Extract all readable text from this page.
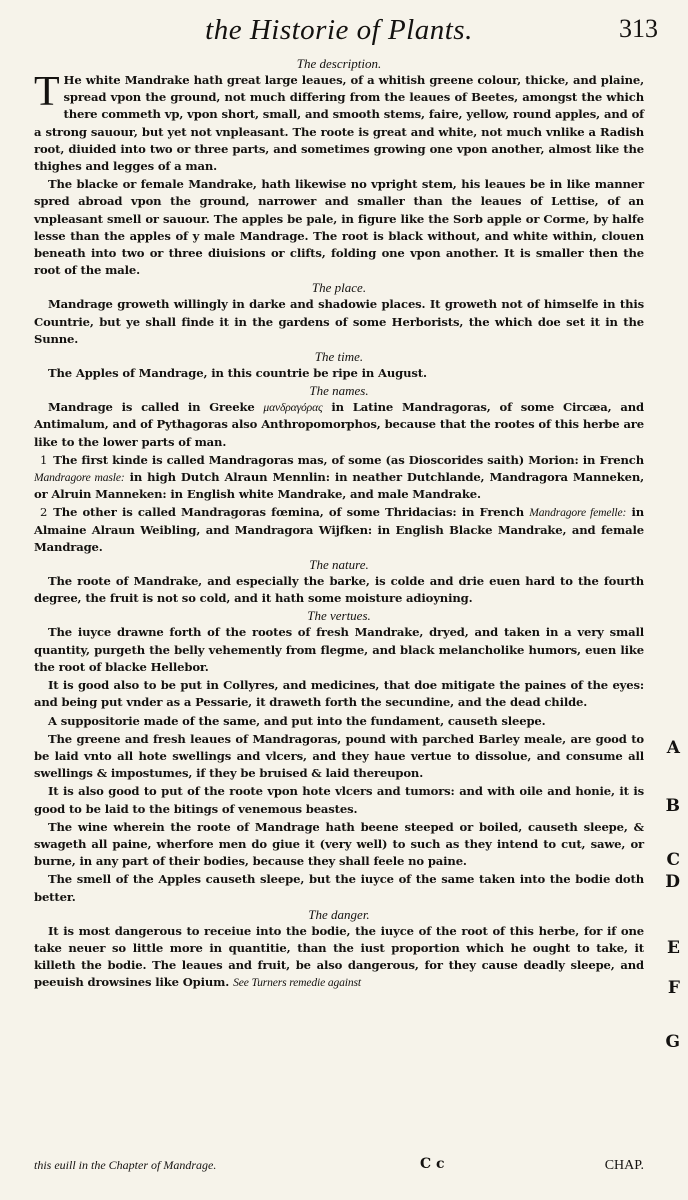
the Historie of Plants.	313

The description.

T He white Mandrake hath great large leaues, of a whitish greene colour, thicke, and plaine, spread vpon the ground, not much differing from the leaues of Beetes, amongst the which there commeth vp, vpon short, small, and smooth stems, faire, yellow, round apples, and of a strong sauour, but yet not vnpleasant. The roote is great and white, not much vnlike a Radish root, diuided into two or three parts, and sometimes growing one vpon another, almost like the thighes and legges of a man.

The blacke or female Mandrake, hath likewise no vpright stem, his leaues be in like manner spred abroad vpon the ground, narrower and smaller than the leaues of Lettise, of an vnpleasant smell or sauour. The apples be pale, in figure like the Sorb apple or Corme, by halfe lesse than the apples of y male Mandrage. The root is black without, and white within, clouen beneath into two or three diuisions or clifts, folding one vpon another. It is smaller then the root of the male.

The place.

Mandrage groweth willingly in darke and shadowie places. It groweth not of himselfe in this Countrie, but ye shall finde it in the gardens of some Herborists, the which doe set it in the Sunne.

The time.

The Apples of Mandrage, in this countrie be ripe in August.

The names.

Mandrage is called in Greeke μανδραγόρας in Latine Mandragoras, of some Circæa, and Antimalum, and of Pythagoras also Anthropomorphos, because that the rootes of this herbe are like to the lower parts of man.

1 The first kinde is called Mandragoras mas, of some (as Dioscorides saith) Morion: in French Mandragore masle: in high Dutch Alraun Mennlin: in neather Dutchlande, Mandragora Manneken, or Alruin Manneken: in English white Mandrake, and male Mandrake.

2 The other is called Mandragoras fœmina, of some Thridacias: in French Mandragore femelle: in Almaine Alraun Weibling, and Mandragora Wijfken: in English Blacke Mandrake, and female Mandrage.

The nature.

The roote of Mandrake, and especially the barke, is colde and drie euen hard to the fourth degree, the fruit is not so cold, and it hath some moisture adioyning.

The vertues.

The iuyce drawne forth of the rootes of fresh Mandrake, dryed, and taken in a very small quantity, purgeth the belly vehemently from flegme, and black melancholike humors, euen like the root of blacke Hellebor.

It is good also to be put in Collyres, and medicines, that doe mitigate the paines of the eyes: and being put vnder as a Pessarie, it draweth forth the secundine, and the dead childe.

A suppositorie made of the same, and put into the fundament, causeth sleepe.

The greene and fresh leaues of Mandragoras, pound with parched Barley meale, are good to be laid vnto all hote swellings and vlcers, and they haue vertue to dissolue, and consume all swellings & impostumes, if they be bruised & laid thereupon.

It is also good to put of the roote vpon hote vlcers and tumors: and with oile and honie, it is good to be laid to the bitings of venemous beastes.

The wine wherein the roote of Mandrage hath beene steeped or boiled, causeth sleepe, & swageth all paine, wherfore men do giue it (very well) to such as they intend to cut, sawe, or burne, in any part of their bodies, because they shall feele no paine.

The smell of the Apples causeth sleepe, but the iuyce of the same taken into the bodie doth better.

The danger.

It is most dangerous to receiue into the bodie, the iuyce of the root of this herbe, for if one take neuer so little more in quantitie, than the iust proportion which he ought to take, it killeth the bodie. The leaues and fruit, be also dangerous, for they cause deadly sleepe, and peeuish drowsines like Opium. See Turners remedie against

A
B
C
D
E
F
G
this euill in the Chapter of Mandrage.	C c	CHAP.
